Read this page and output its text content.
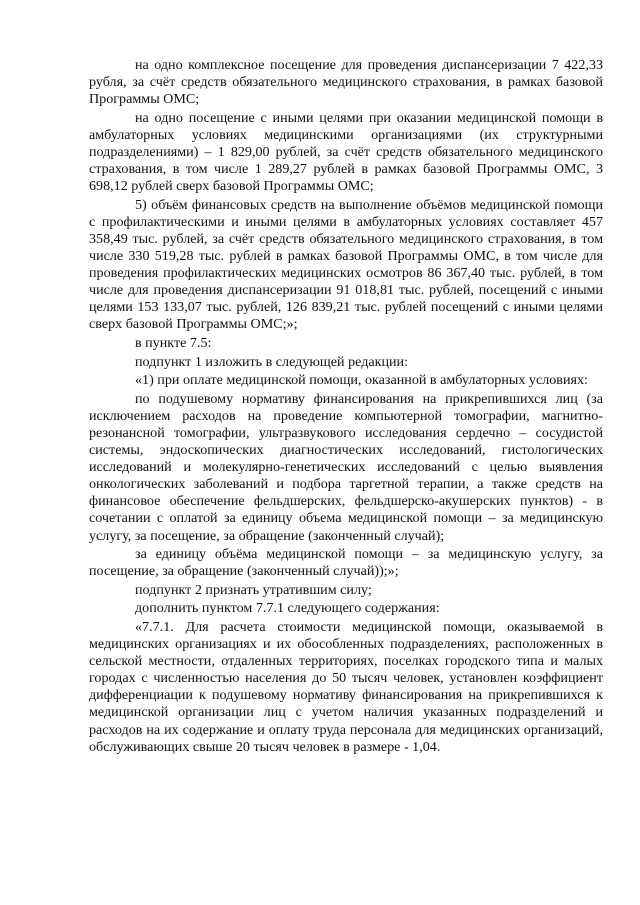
на одно комплексное посещение для проведения диспансеризации 7 422,33 рубля, за счёт средств обязательного медицинского страхования, в рамках базовой Программы ОМС;

на одно посещение с иными целями при оказании медицинской помощи в амбулаторных условиях медицинскими организациями (их структурными подразделениями) – 1 829,00 рублей, за счёт средств обязательного медицинского страхования, в том числе 1 289,27 рублей в рамках базовой Программы ОМС, 3 698,12 рублей сверх базовой Программы ОМС;

5) объём финансовых средств на выполнение объёмов медицинской помощи с профилактическими и иными целями в амбулаторных условиях составляет 457 358,49 тыс. рублей, за счёт средств обязательного медицинского страхования, в том числе 330 519,28 тыс. рублей в рамках базовой Программы ОМС, в том числе для проведения профилактических медицинских осмотров 86 367,40 тыс. рублей, в том числе для проведения диспансеризации 91 018,81 тыс. рублей, посещений с иными целями 153 133,07 тыс. рублей, 126 839,21 тыс. рублей посещений с иными целями сверх базовой Программы ОМС;»;

в пункте 7.5:

подпункт 1 изложить в следующей редакции:

«1) при оплате медицинской помощи, оказанной в амбулаторных условиях:

по подушевому нормативу финансирования на прикрепившихся лиц (за исключением расходов на проведение компьютерной томографии, магнитно-резонансной томографии, ультразвукового исследования сердечно – сосудистой системы, эндоскопических диагностических исследований, гистологических исследований и молекулярно-генетических исследований с целью выявления онкологических заболеваний и подбора таргетной терапии, а также средств на финансовое обеспечение фельдшерских, фельдшерско-акушерских пунктов) - в сочетании с оплатой за единицу объема медицинской помощи – за медицинскую услугу, за посещение, за обращение (законченный случай);

за единицу объёма медицинской помощи – за медицинскую услугу, за посещение, за обращение (законченный случай));»;

подпункт 2 признать утратившим силу;

дополнить пунктом 7.7.1 следующего содержания:

«7.7.1. Для расчета стоимости медицинской помощи, оказываемой в медицинских организациях и их обособленных подразделениях, расположенных в сельской местности, отдаленных территориях, поселках городского типа и малых городах с численностью населения до 50 тысяч человек, установлен коэффициент дифференциации к подушевому нормативу финансирования на прикрепившихся к медицинской организации лиц с учетом наличия указанных подразделений и расходов на их содержание и оплату труда персонала для медицинских организаций, обслуживающих свыше 20 тысяч человек в размере - 1,04.
